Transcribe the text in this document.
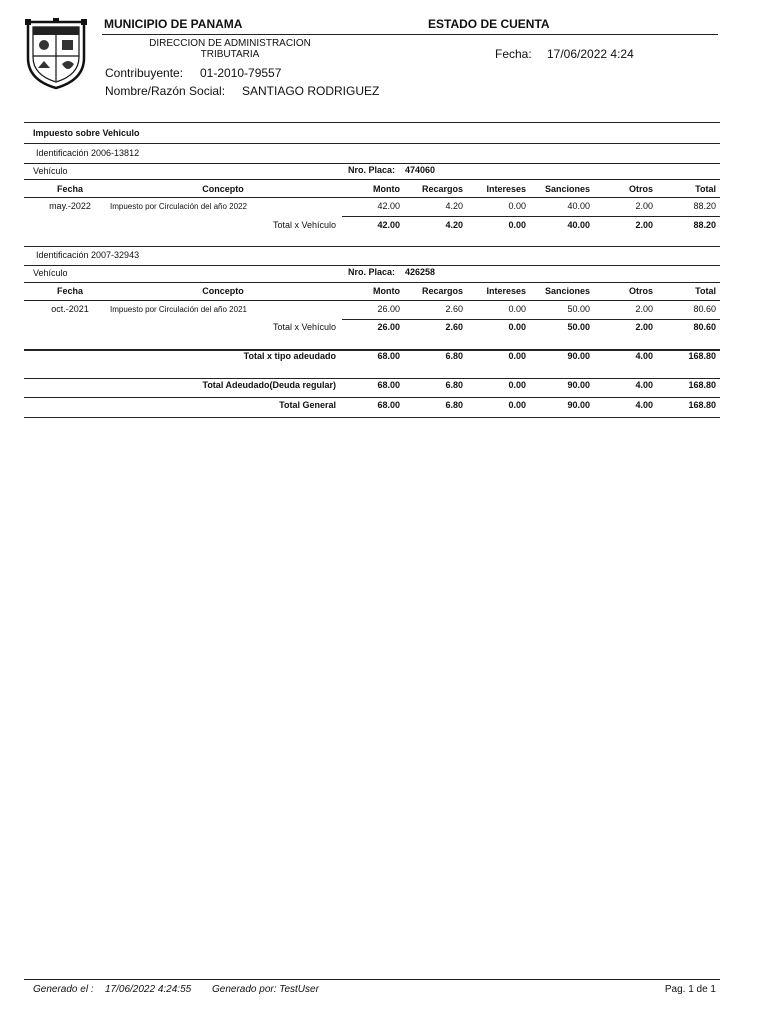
MUNICIPIO DE PANAMA	ESTADO DE CUENTA
DIRECCION DE ADMINISTRACION
TRIBUTARIA	Fecha: 17/06/2022 4:24
Contribuyente: 01-2010-79557
Nombre/Razón Social: SANTIAGO RODRIGUEZ
Impuesto sobre Vehiculo
Identificación 2006-13812
Vehículo	Nro. Placa: 474060
Fecha	Concepto	Monto	Recargos	Intereses	Sanciones	Otros	Total
may.-2022	Impuesto por Circulación del año 2022	42.00	4.20	0.00	40.00	2.00	88.20
Total x Vehículo	42.00	4.20	0.00	40.00	2.00	88.20
Identificación 2007-32943
Vehículo	Nro. Placa: 426258
Fecha	Concepto	Monto	Recargos	Intereses	Sanciones	Otros	Total
oct.-2021	Impuesto por Circulación del año 2021	26.00	2.60	0.00	50.00	2.00	80.60
Total x Vehículo	26.00	2.60	0.00	50.00	2.00	80.60
Total x tipo adeudado	68.00	6.80	0.00	90.00	4.00	168.80
Total Adeudado(Deuda regular)	68.00	6.80	0.00	90.00	4.00	168.80
Total General	68.00	6.80	0.00	90.00	4.00	168.80
Generado el : 17/06/2022 4:24:55 Generado por: TestUser	Pag. 1 de 1
